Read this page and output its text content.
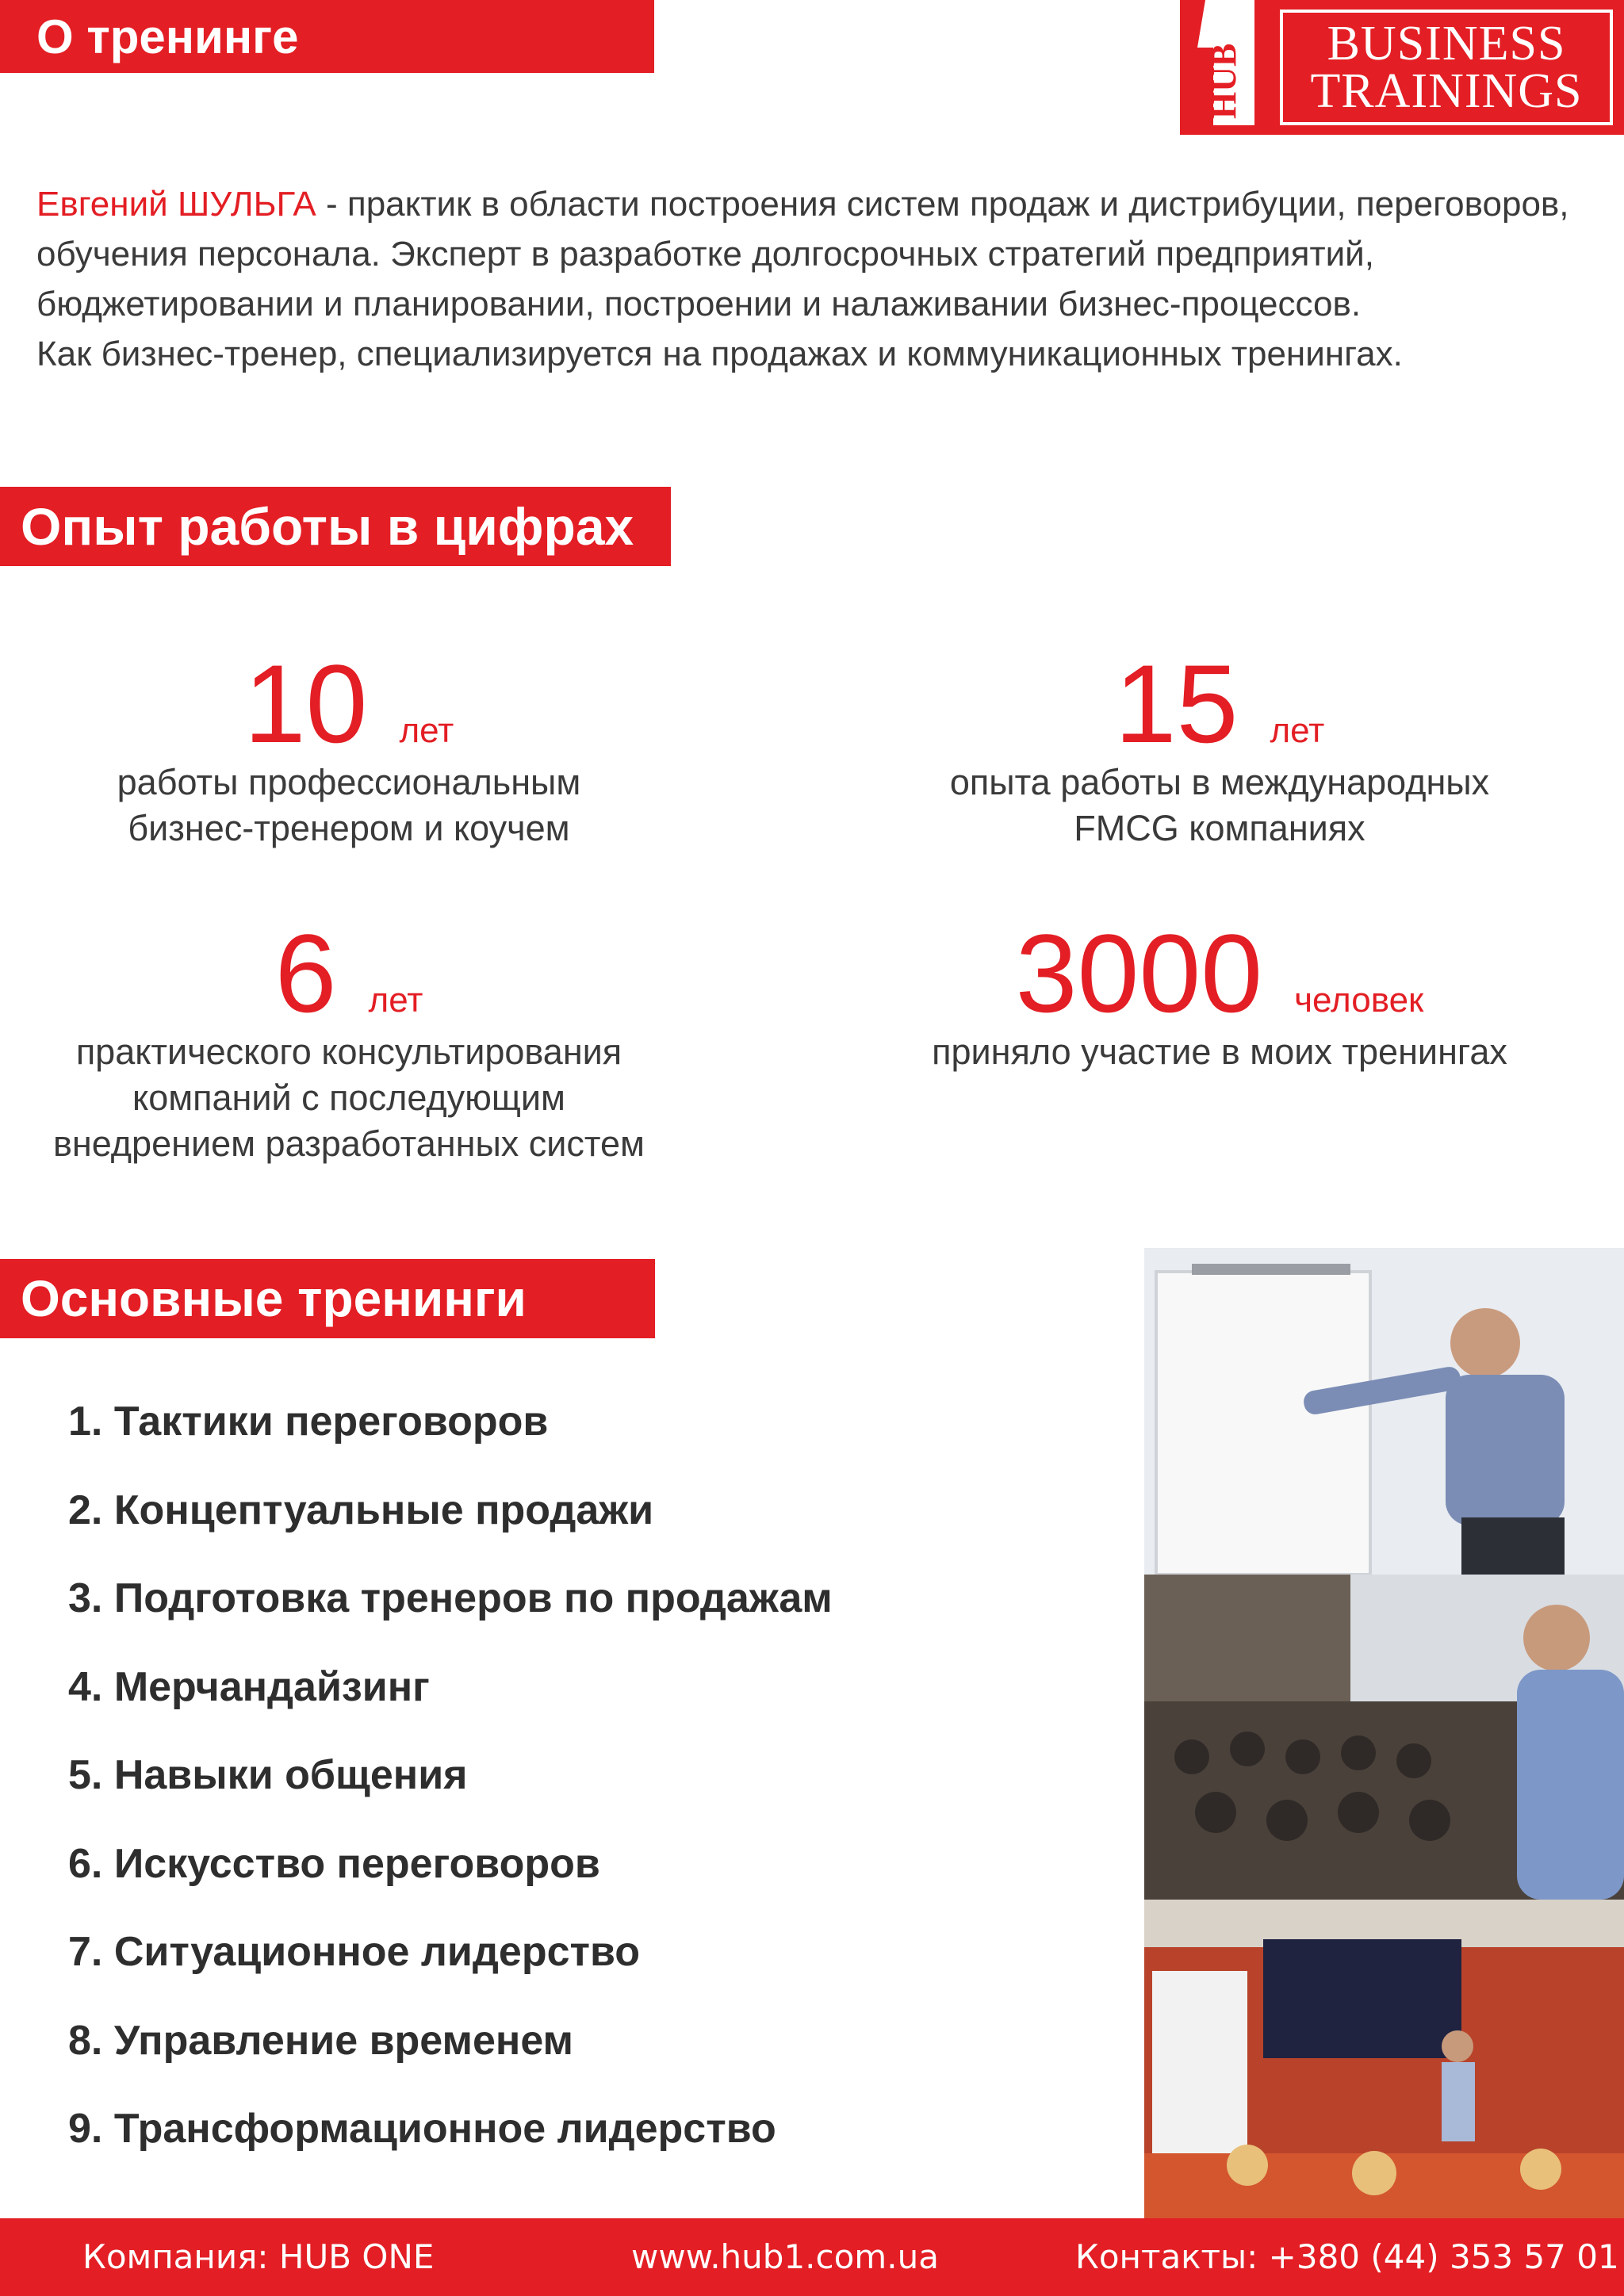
О тренинге
HUB BUSINESS
TRAININGS

Евгений ШУЛЬГА - практик в области построения систем продаж и дистрибуции, переговоров, обучения персонала. Эксперт в разработке долгосрочных стратегий предприятий, бюджетировании и планировании, построении и налаживании бизнес-процессов.

Как бизнес-тренер, специализируется на продажах и коммуникационных тренингах.

Опыт работы в цифрах
10 лет
работы профессиональным
бизнес-тренером и коучем
15 лет
опыта работы в международных
FMCG компаниях
6 лет
практического консультирования
компаний с последующим
внедрением разработанных систем
3000 человек
приняло участие в моих тренингах
Основные тренинги
1. Тактики переговоров
2. Концептуальные продажи
3. Подготовка тренеров по продажам
4. Мерчандайзинг
5. Навыки общения
6. Искусство переговоров
7. Ситуационное лидерство
8. Управление временем
9. Трансформационное лидерство
Компания: HUB ONE	www.hub1.com.ua	Контакты: +380 (44) 353 57 01
